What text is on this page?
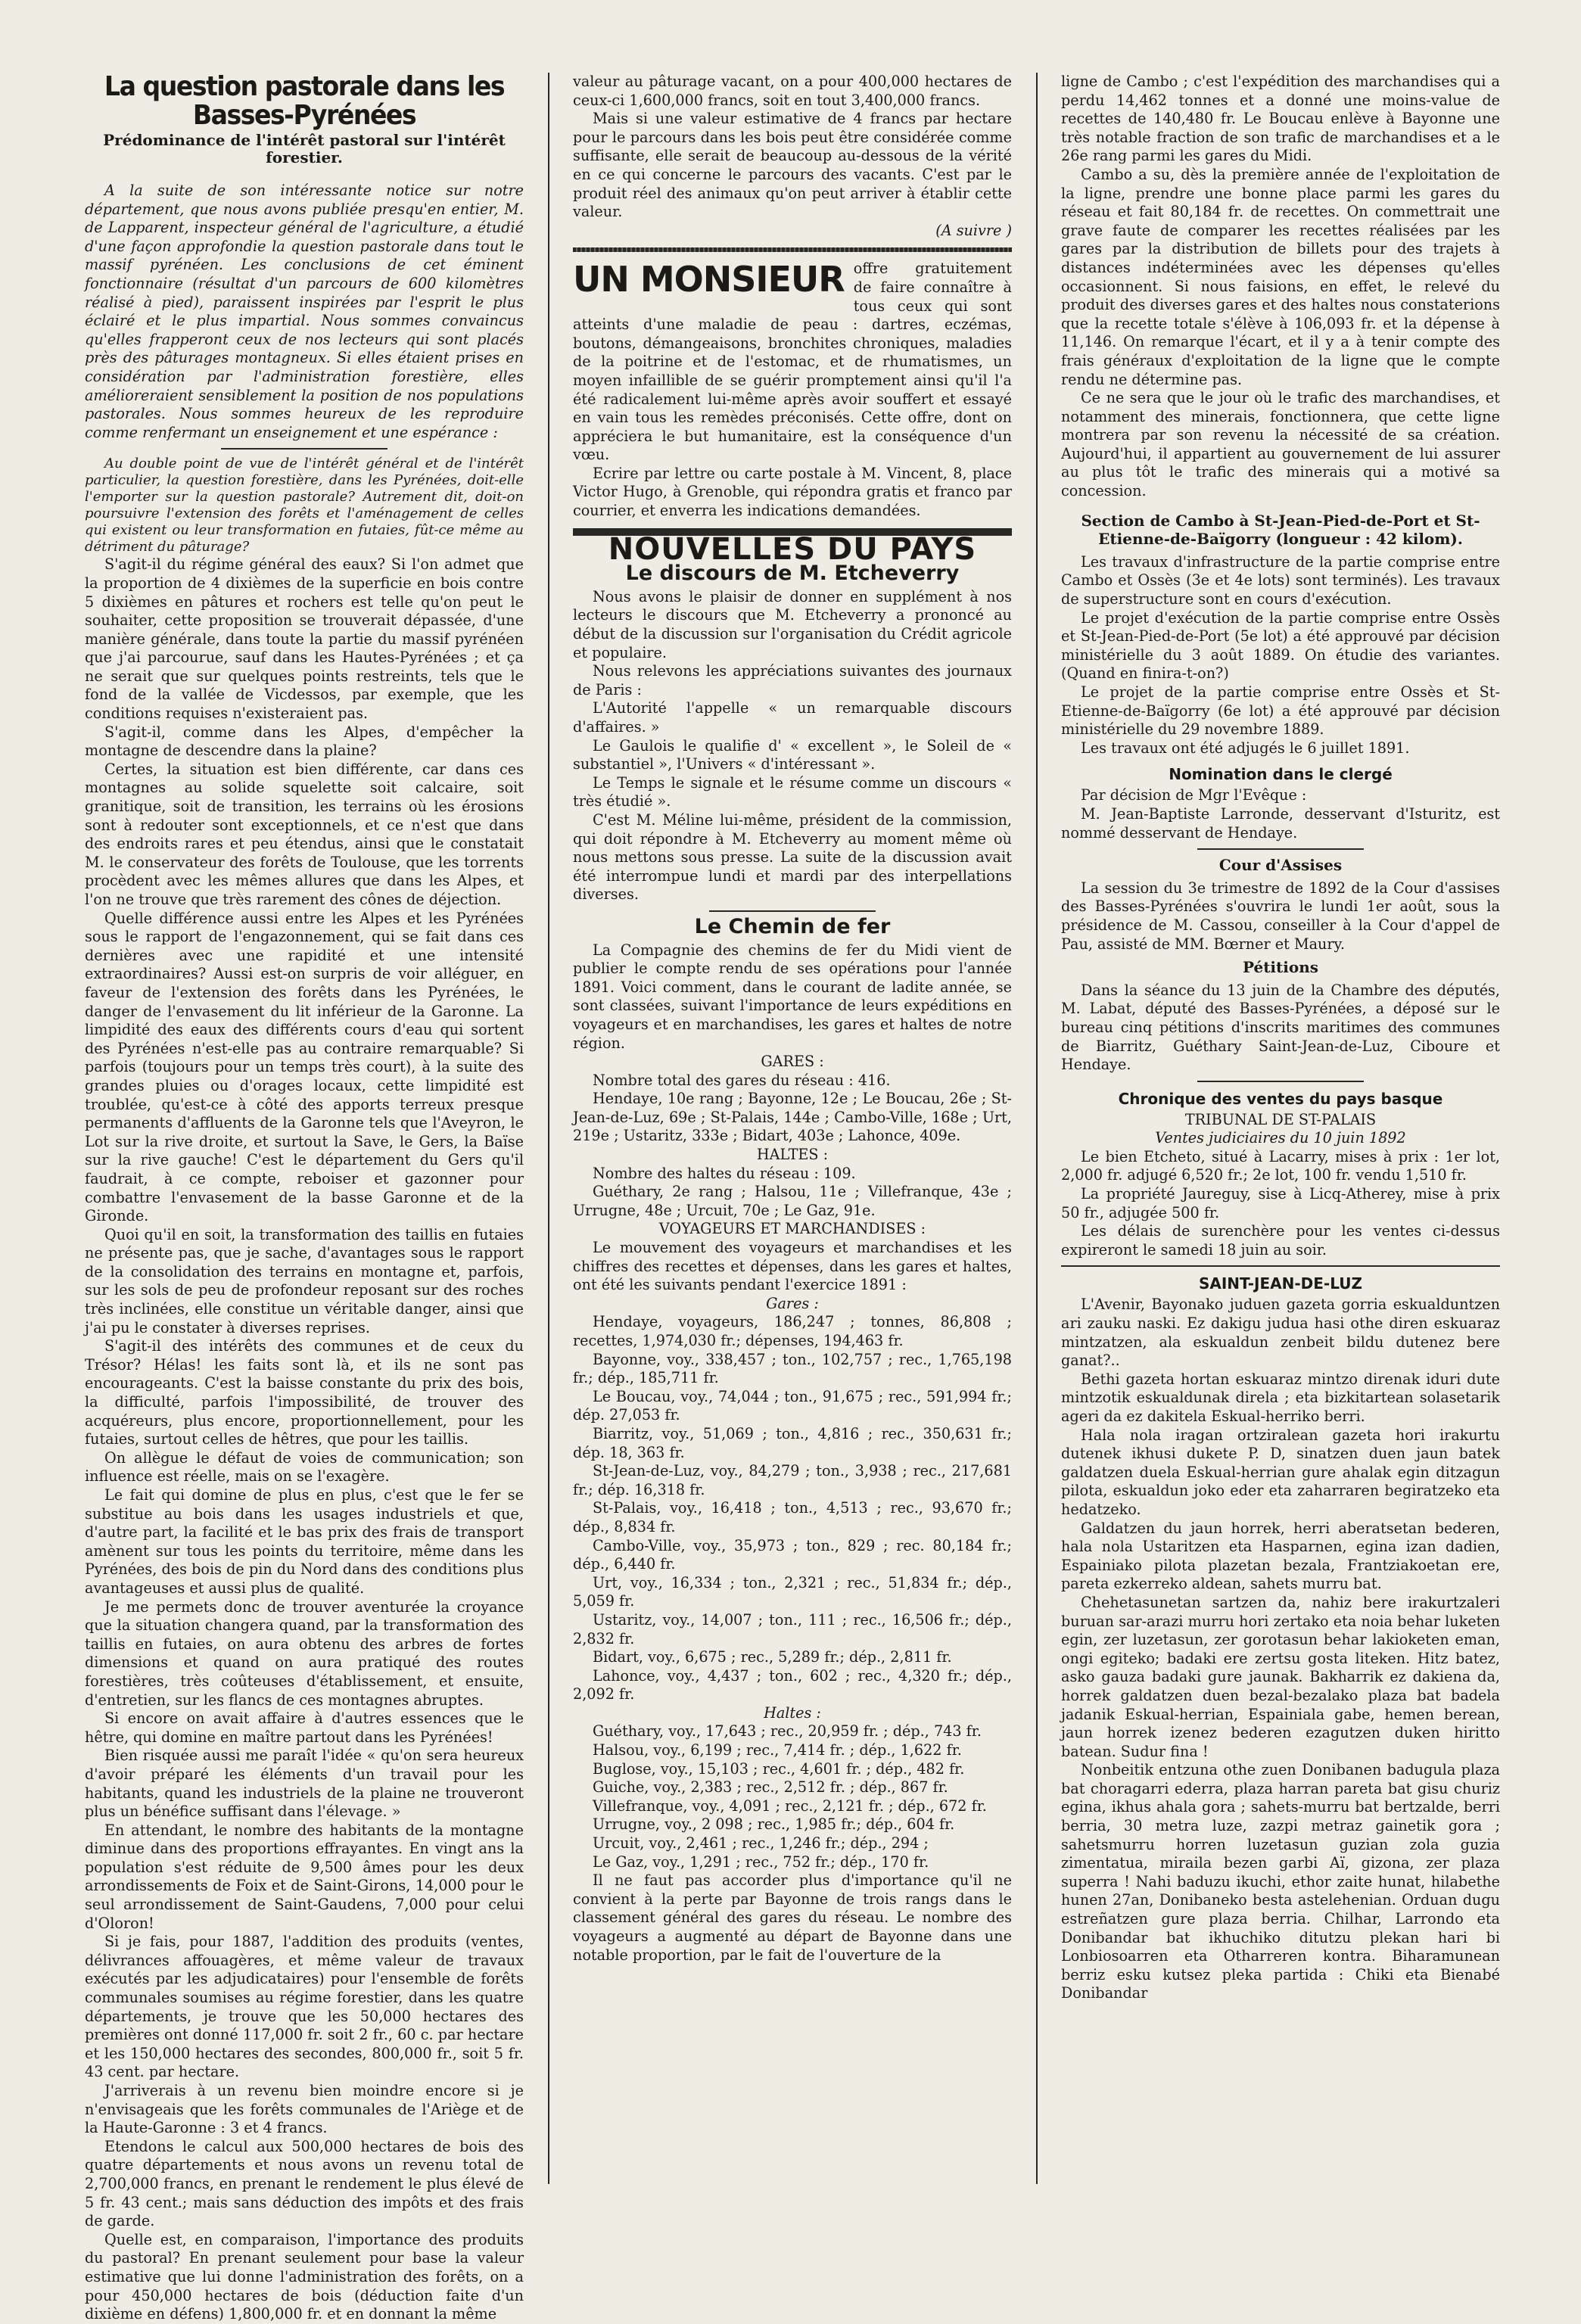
La question pastorale dans les Basses-Pyrénées
Prédominance de l'intérêt pastoral sur l'intérêt forestier.

A la suite de son intéressante notice sur notre département, que nous avons publiée presqu'en entier, M. de Lapparent, inspecteur général de l'agriculture, a étudié d'une façon approfondie la question pastorale dans tout le massif pyrénéen. Les conclusions de cet éminent fonctionnaire (résultat d'un parcours de 600 kilomètres réalisé à pied), paraissent inspirées par l'esprit le plus éclairé et le plus impartial. Nous sommes convaincus qu'elles frapperont ceux de nos lecteurs qui sont placés près des pâturages montagneux. Si elles étaient prises en considération par l'administration forestière, elles amélioreraient sensiblement la position de nos populations pastorales. Nous sommes heureux de les reproduire comme renfermant un enseignement et une espérance :

Au double point de vue de l'intérêt général et de l'intérêt particulier, la question forestière, dans les Pyrénées, doit-elle l'emporter sur la question pastorale? Autrement dit, doit-on poursuivre l'extension des forêts et l'aménagement de celles qui existent ou leur transformation en futaies, fût-ce même au détriment du pâturage?

S'agit-il du régime général des eaux? Si l'on admet que la proportion de 4 dixièmes de la superficie en bois contre 5 dixièmes en pâtures et rochers est telle qu'on peut le souhaiter, cette proposition se trouverait dépassée, d'une manière générale, dans toute la partie du massif pyrénéen que j'ai parcourue, sauf dans les Hautes-Pyrénées ; et ça ne serait que sur quelques points restreints, tels que le fond de la vallée de Vicdessos, par exemple, que les conditions requises n'existeraient pas.

S'agit-il, comme dans les Alpes, d'empêcher la montagne de descendre dans la plaine?

Certes, la situation est bien différente, car dans ces montagnes au solide squelette soit calcaire, soit granitique, soit de transition, les terrains où les érosions sont à redouter sont exceptionnels, et ce n'est que dans des endroits rares et peu étendus, ainsi que le constatait M. le conservateur des forêts de Toulouse, que les torrents procèdent avec les mêmes allures que dans les Alpes, et l'on ne trouve que très rarement des cônes de déjection.

Quelle différence aussi entre les Alpes et les Pyrénées sous le rapport de l'engazonnement, qui se fait dans ces dernières avec une rapidité et une intensité extraordinaires? Aussi est-on surpris de voir alléguer, en faveur de l'extension des forêts dans les Pyrénées, le danger de l'envasement du lit inférieur de la Garonne. La limpidité des eaux des différents cours d'eau qui sortent des Pyrénées n'est-elle pas au contraire remarquable? Si parfois (toujours pour un temps très court), à la suite des grandes pluies ou d'orages locaux, cette limpidité est troublée, qu'est-ce à côté des apports terreux presque permanents d'affluents de la Garonne tels que l'Aveyron, le Lot sur la rive droite, et surtout la Save, le Gers, la Baïse sur la rive gauche! C'est le département du Gers qu'il faudrait, à ce compte, reboiser et gazonner pour combattre l'envasement de la basse Garonne et de la Gironde.

Quoi qu'il en soit, la transformation des taillis en futaies ne présente pas, que je sache, d'avantages sous le rapport de la consolidation des terrains en montagne et, parfois, sur les sols de peu de profondeur reposant sur des roches très inclinées, elle constitue un véritable danger, ainsi que j'ai pu le constater à diverses reprises.

S'agit-il des intérêts des communes et de ceux du Trésor? Hélas! les faits sont là, et ils ne sont pas encourageants. C'est la baisse constante du prix des bois, la difficulté, parfois l'impossibilité, de trouver des acquéreurs, plus encore, proportionnellement, pour les futaies, surtout celles de hêtres, que pour les taillis.

On allègue le défaut de voies de communication; son influence est réelle, mais on se l'exagère.

Le fait qui domine de plus en plus, c'est que le fer se substitue au bois dans les usages industriels et que, d'autre part, la facilité et le bas prix des frais de transport amènent sur tous les points du territoire, même dans les Pyrénées, des bois de pin du Nord dans des conditions plus avantageuses et aussi plus de qualité.

Je me permets donc de trouver aventurée la croyance que la situation changera quand, par la transformation des taillis en futaies, on aura obtenu des arbres de fortes dimensions et quand on aura pratiqué des routes forestières, très coûteuses d'établissement, et ensuite, d'entretien, sur les flancs de ces montagnes abruptes.

Si encore on avait affaire à d'autres essences que le hêtre, qui domine en maître partout dans les Pyrénées!

Bien risquée aussi me paraît l'idée « qu'on sera heureux d'avoir préparé les éléments d'un travail pour les habitants, quand les industriels de la plaine ne trouveront plus un bénéfice suffisant dans l'élevage. »

En attendant, le nombre des habitants de la montagne diminue dans des proportions effrayantes. En vingt ans la population s'est réduite de 9,500 âmes pour les deux arrondissements de Foix et de Saint-Girons, 14,000 pour le seul arrondissement de Saint-Gaudens, 7,000 pour celui d'Oloron!

Si je fais, pour 1887, l'addition des produits (ventes, délivrances affouagères, et même valeur de travaux exécutés par les adjudicataires) pour l'ensemble de forêts communales soumises au régime forestier, dans les quatre départements, je trouve que les 50,000 hectares des premières ont donné 117,000 fr. soit 2 fr., 60 c. par hectare et les 150,000 hectares des secondes, 800,000 fr., soit 5 fr. 43 cent. par hectare.

J'arriverais à un revenu bien moindre encore si je n'envisageais que les forêts communales de l'Ariège et de la Haute-Garonne : 3 et 4 francs.

Etendons le calcul aux 500,000 hectares de bois des quatre départements et nous avons un revenu total de 2,700,000 francs, en prenant le rendement le plus élevé de 5 fr. 43 cent.; mais sans déduction des impôts et des frais de garde.

Quelle est, en comparaison, l'importance des produits du pastoral? En prenant seulement pour base la valeur estimative que lui donne l'administration des forêts, on a pour 450,000 hectares de bois (déduction faite d'un dixième en défens) 1,800,000 fr. et en donnant la même

valeur au pâturage vacant, on a pour 400,000 hectares de ceux-ci 1,600,000 francs, soit en tout 3,400,000 francs.

Mais si une valeur estimative de 4 francs par hectare pour le parcours dans les bois peut être considérée comme suffisante, elle serait de beaucoup au-dessous de la vérité en ce qui concerne le parcours des vacants. C'est par le produit réel des animaux qu'on peut arriver à établir cette valeur.

(A suivre )
UN MONSIEUR offre gratuitement de faire connaître à tous ceux qui sont atteints d'une maladie de peau : dartres, eczémas, boutons, démangeaisons, bronchites chroniques, maladies de la poitrine et de l'estomac, et de rhumatismes, un moyen infaillible de se guérir promptement ainsi qu'il l'a été radicalement lui-même après avoir souffert et essayé en vain tous les remèdes préconisés. Cette offre, dont on appréciera le but humanitaire, est la conséquence d'un vœu.

Ecrire par lettre ou carte postale à M. Vincent, 8, place Victor Hugo, à Grenoble, qui répondra gratis et franco par courrier, et enverra les indications demandées.

NOUVELLES DU PAYS
Le discours de M. Etcheverry

Nous avons le plaisir de donner en supplément à nos lecteurs le discours que M. Etcheverry a prononcé au début de la discussion sur l'organisation du Crédit agricole et populaire.

Nous relevons les appréciations suivantes des journaux de Paris :

L'Autorité l'appelle « un remarquable discours d'affaires. »

Le Gaulois le qualifie d' « excellent », le Soleil de « substantiel », l'Univers « d'intéressant ».

Le Temps le signale et le résume comme un discours « très étudié ».

C'est M. Méline lui-même, président de la commission, qui doit répondre à M. Etcheverry au moment même où nous mettons sous presse. La suite de la discussion avait été interrompue lundi et mardi par des interpellations diverses.

Le Chemin de fer

La Compagnie des chemins de fer du Midi vient de publier le compte rendu de ses opérations pour l'année 1891. Voici comment, dans le courant de ladite année, se sont classées, suivant l'importance de leurs expéditions en voyageurs et en marchandises, les gares et haltes de notre région.

GARES :

Nombre total des gares du réseau : 416.

Hendaye, 10e rang ; Bayonne, 12e ; Le Boucau, 26e ; St-Jean-de-Luz, 69e ; St-Palais, 144e ; Cambo-Ville, 168e ; Urt, 219e ; Ustaritz, 333e ; Bidart, 403e ; Lahonce, 409e.

HALTES :

Nombre des haltes du réseau : 109.

Guéthary, 2e rang ; Halsou, 11e ; Villefranque, 43e ; Urrugne, 48e ; Urcuit, 70e ; Le Gaz, 91e.

VOYAGEURS ET MARCHANDISES :

Le mouvement des voyageurs et marchandises et les chiffres des recettes et dépenses, dans les gares et haltes, ont été les suivants pendant l'exercice 1891 :

Gares :

Hendaye, voyageurs, 186,247 ; tonnes, 86,808 ; recettes, 1,974,030 fr.; dépenses, 194,463 fr.

Bayonne, voy., 338,457 ; ton., 102,757 ; rec., 1,765,198 fr.; dép., 185,711 fr.

Le Boucau, voy., 74,044 ; ton., 91,675 ; rec., 591,994 fr.; dép. 27,053 fr.

Biarritz, voy., 51,069 ; ton., 4,816 ; rec., 350,631 fr.; dép. 18, 363 fr.

St-Jean-de-Luz, voy., 84,279 ; ton., 3,938 ; rec., 217,681 fr.; dép. 16,318 fr.

St-Palais, voy., 16,418 ; ton., 4,513 ; rec., 93,670 fr.; dép., 8,834 fr.

Cambo-Ville, voy., 35,973 ; ton., 829 ; rec. 80,184 fr.; dép., 6,440 fr.

Urt, voy., 16,334 ; ton., 2,321 ; rec., 51,834 fr.; dép., 5,059 fr.

Ustaritz, voy., 14,007 ; ton., 111 ; rec., 16,506 fr.; dép., 2,832 fr.

Bidart, voy., 6,675 ; rec., 5,289 fr.; dép., 2,811 fr.

Lahonce, voy., 4,437 ; ton., 602 ; rec., 4,320 fr.; dép., 2,092 fr.

Haltes :

Guéthary, voy., 17,643 ; rec., 20,959 fr. ; dép., 743 fr.

Halsou, voy., 6,199 ; rec., 7,414 fr. ; dép., 1,622 fr.

Buglose, voy., 15,103 ; rec., 4,601 fr. ; dép., 482 fr.

Guiche, voy., 2,383 ; rec., 2,512 fr. ; dép., 867 fr.

Villefranque, voy., 4,091 ; rec., 2,121 fr. ; dép., 672 fr.

Urrugne, voy., 2 098 ; rec., 1,985 fr.; dép., 604 fr.

Urcuit, voy., 2,461 ; rec., 1,246 fr.; dép., 294 ;

Le Gaz, voy., 1,291 ; rec., 752 fr.; dép., 170 fr.

Il ne faut pas accorder plus d'importance qu'il ne convient à la perte par Bayonne de trois rangs dans le classement général des gares du réseau. Le nombre des voyageurs a augmenté au départ de Bayonne dans une notable proportion, par le fait de l'ouverture de la

ligne de Cambo ; c'est l'expédition des marchandises qui a perdu 14,462 tonnes et a donné une moins-value de recettes de 140,480 fr. Le Boucau enlève à Bayonne une très notable fraction de son trafic de marchandises et a le 26e rang parmi les gares du Midi.

Cambo a su, dès la première année de l'exploitation de la ligne, prendre une bonne place parmi les gares du réseau et fait 80,184 fr. de recettes. On commettrait une grave faute de comparer les recettes réalisées par les gares par la distribution de billets pour des trajets à distances indéterminées avec les dépenses qu'elles occasionnent. Si nous faisions, en effet, le relevé du produit des diverses gares et des haltes nous constaterions que la recette totale s'élève à 106,093 fr. et la dépense à 11,146. On remarque l'écart, et il y a à tenir compte des frais généraux d'exploitation de la ligne que le compte rendu ne détermine pas.

Ce ne sera que le jour où le trafic des marchandises, et notamment des minerais, fonctionnera, que cette ligne montrera par son revenu la nécessité de sa création. Aujourd'hui, il appartient au gouvernement de lui assurer au plus tôt le trafic des minerais qui a motivé sa concession.

Section de Cambo à St-Jean-Pied-de-Port et St-Etienne-de-Baïgorry (longueur : 42 kilom).

Les travaux d'infrastructure de la partie comprise entre Cambo et Ossès (3e et 4e lots) sont terminés). Les travaux de superstructure sont en cours d'exécution.

Le projet d'exécution de la partie comprise entre Ossès et St-Jean-Pied-de-Port (5e lot) a été approuvé par décision ministérielle du 3 août 1889. On étudie des variantes. (Quand en finira-t-on?)

Le projet de la partie comprise entre Ossès et St-Etienne-de-Baïgorry (6e lot) a été approuvé par décision ministérielle du 29 novembre 1889.

Les travaux ont été adjugés le 6 juillet 1891.

Nomination dans le clergé

Par décision de Mgr l'Evêque :

M. Jean-Baptiste Larronde, desservant d'Isturitz, est nommé desservant de Hendaye.

Cour d'Assises

La session du 3e trimestre de 1892 de la Cour d'assises des Basses-Pyrénées s'ouvrira le lundi 1er août, sous la présidence de M. Cassou, conseiller à la Cour d'appel de Pau, assisté de MM. Bœrner et Maury.

Pétitions

Dans la séance du 13 juin de la Chambre des députés, M. Labat, député des Basses-Pyrénées, a déposé sur le bureau cinq pétitions d'inscrits maritimes des communes de Biarritz, Guéthary Saint-Jean-de-Luz, Ciboure et Hendaye.

Chronique des ventes du pays basque
TRIBUNAL DE ST-PALAIS
Ventes judiciaires du 10 juin 1892

Le bien Etcheto, situé à Lacarry, mises à prix : 1er lot, 2,000 fr. adjugé 6,520 fr.; 2e lot, 100 fr. vendu 1,510 fr.

La propriété Jaureguy, sise à Licq-Atherey, mise à prix 50 fr., adjugée 500 fr.

Les délais de surenchère pour les ventes ci-dessus expireront le samedi 18 juin au soir.

SAINT-JEAN-DE-LUZ

L'Avenir, Bayonako juduen gazeta gorria eskualduntzen ari zauku naski. Ez dakigu judua hasi othe diren eskuaraz mintzatzen, ala eskualdun zenbeit bildu dutenez bere ganat?..

Bethi gazeta hortan eskuaraz mintzo direnak iduri dute mintzotik eskualdunak direla ; eta bizkitartean solasetarik ageri da ez dakitela Eskual-herriko berri.

Hala nola iragan ortziralean gazeta hori irakurtu dutenek ikhusi dukete P. D, sinatzen duen jaun batek galdatzen duela Eskual-herrian gure ahalak egin ditzagun pilota, eskualdun joko eder eta zaharraren begiratzeko eta hedatzeko.

Galdatzen du jaun horrek, herri aberatsetan bederen, hala nola Ustaritzen eta Hasparnen, egina izan dadien, Espainiako pilota plazetan bezala, Frantziakoetan ere, pareta ezkerreko aldean, sahets murru bat.

Chehetasunetan sartzen da, nahiz bere irakurtzaleri buruan sar-arazi murru hori zertako eta noia behar luketen egin, zer luzetasun, zer gorotasun behar lakioketen eman, ongi egiteko; badaki ere zertsu gosta liteken. Hitz batez, asko gauza badaki gure jaunak. Bakharrik ez dakiena da, horrek galdatzen duen bezal-bezalako plaza bat badela jadanik Eskual-herrian, Espainiala gabe, hemen berean, jaun horrek izenez bederen ezagutzen duken hiritto batean. Sudur fina !

Nonbeitik entzuna othe zuen Donibanen badugula plaza bat choragarri ederra, plaza harran pareta bat gisu churiz egina, ikhus ahala gora ; sahets-murru bat bertzalde, berri berria, 30 metra luze, zazpi metraz gainetik gora ; sahetsmurru horren luzetasun guzian zola guzia zimentatua, miraila bezen garbi Aï, gizona, zer plaza superra ! Nahi baduzu ikuchi, ethor zaite hunat, hilabethe hunen 27an, Donibaneko besta astelehenian. Orduan dugu estreñatzen gure plaza berria. Chilhar, Larrondo eta Donibandar bat ikhuchiko ditutzu plekan hari bi Lonbiosoarren eta Otharreren kontra. Biharamunean berriz esku kutsez pleka partida : Chiki eta Bienabé Donibandar
